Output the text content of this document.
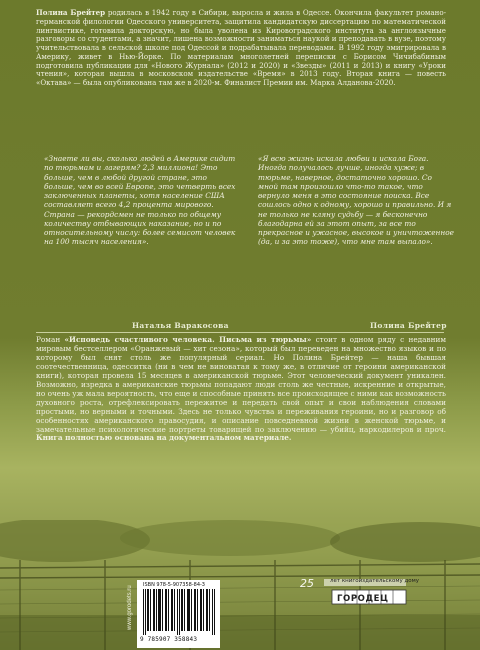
Полина Брейтер родилась в 1942 году в Сибири, выросла и жила в Одессе. Окончила факультет романо-германской филологии Одесского университета, защитила кандидатскую диссертацию по математической лингвистике, готовила докторскую, но была уволена из Кировоградского института за англоязычные разговоры со студентами, а значит, лишена возможности заниматься наукой и преподавать в вузе, поэтому учительствовала в сельской школе под Одессой и подрабатывала переводами. В 1992 году эмигрировала в Америку, живет в Нью-Йорке. По материалам многолетней переписки с Борисом Чичибабиным подготовила публикации для «Нового Журнала» (2012 и 2020) и «Звезды» (2011 и 2013) и книгу «Уроки чтения», которая вышла в московском издательстве «Время» в 2013 году. Вторая книга — повесть «Октава» — была опубликована там же в 2020-м. Финалист Премии им. Марка Алданова-2020.

«Знаете ли вы, сколько людей в Америке сидит по тюрьмам и лагерям? 2,3 миллиона! Это больше, чем в любой другой стране, это больше, чем во всей Европе, это четверть всех заключенных планеты, хотя население США составляет всего 4,2 процента мирового. Страна — рекордсмен не только по общему количеству отбывающих наказание, но и по относительному числу: более семисот человек на 100 тысяч населения».

«Я всю жизнь искала любви и искала Бога. Иногда получалось лучше, иногда хуже; в тюрьме, наверное, достаточно хорошо. Со мной там произошло что-то такое, что вернуло меня в это состояние поиска. Все сошлось одно к одному, хорошо и правильно. И я не только не кляну судьбу — я бесконечно благодарна ей за этот опыт, за все то прекрасное и ужасное, высокое и уничтоженное (да, и за это тоже), что мне там выпало».

Наталья Варакосова	Полина Брейтер

Роман «Исповедь счастливого человека. Письма из тюрьмы» стоит в одном ряду с недавним мировым бестселлером «Оранжевый — хит сезона», который был переведен на множество языков и по которому был снят столь же популярный сериал. Но Полина Брейтер — наша бывшая соотечественница, одесситка (ни в чем не виноватая к тому же, в отличие от героини американской книги), которая провела 15 месяцев в американской тюрьме. Этот человеческий документ уникален. Возможно, изредка в американские тюрьмы попадают люди столь же честные, искренние и открытые, но очень уж мала вероятность, что еще и способные принять все происходящее с ними как возможность духовного роста, отрефлексировать пережитое и передать свой опыт и свои наблюдения словами простыми, но верными и точными. Здесь не только чувства и переживания героини, но и разговор об особенностях американского правосудия, и описание повседневной жизни в женской тюрьме, и замечательные психологические портреты товарищей по заключению — убийц, наркодилеров и проч. Книга полностью основана на документальном материале.

www.gorodets.ru
ISBN 978-5-907358-84-3
9 785907 358843
25	лет книгоиздательскому дому
ГОРОДЕЦ
